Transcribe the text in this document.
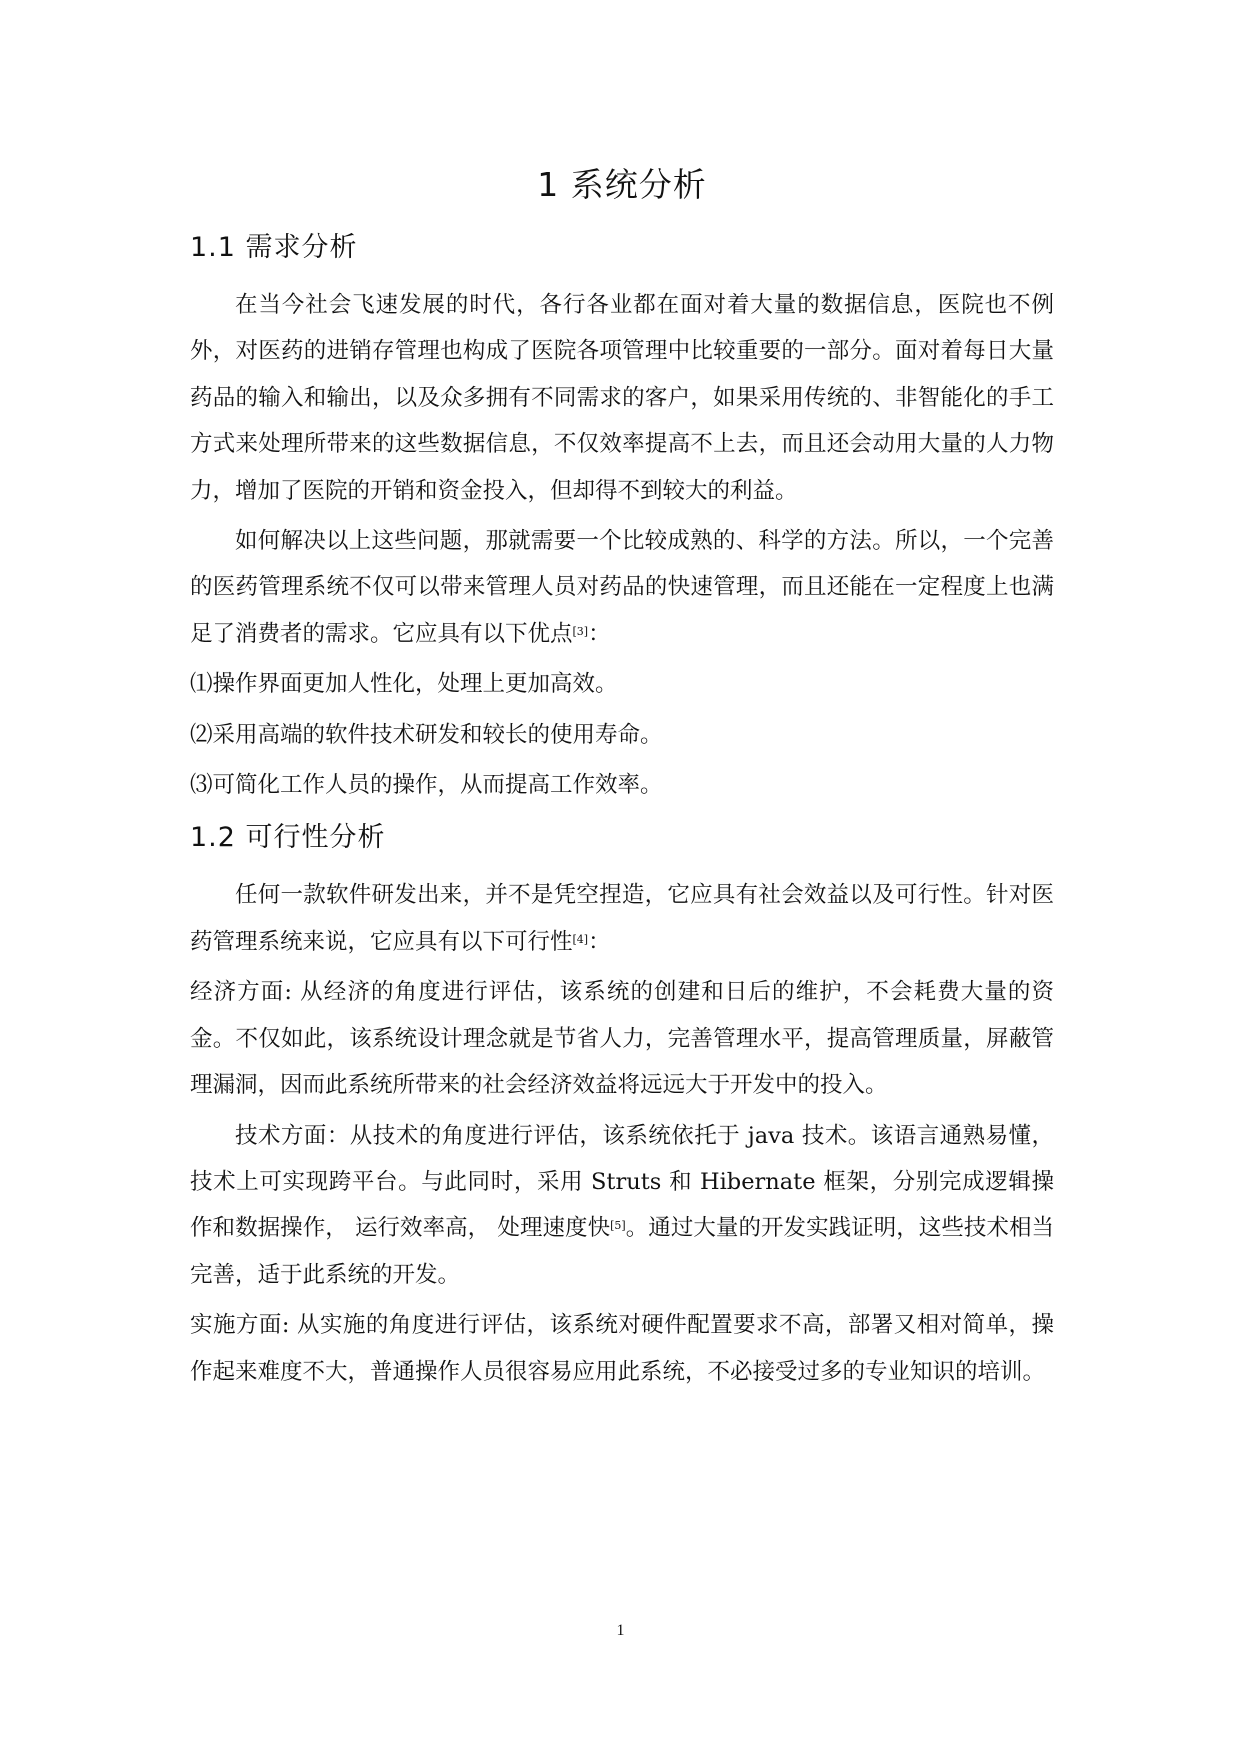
1 系统分析
1.1 需求分析

在当今社会飞速发展的时代，各行各业都在面对着大量的数据信息，医院也不例外，对医药的进销存管理也构成了医院各项管理中比较重要的一部分。面对着每日大量药品的输入和输出，以及众多拥有不同需求的客户，如果采用传统的、非智能化的手工方式来处理所带来的这些数据信息，不仅效率提高不上去，而且还会动用大量的人力物力，增加了医院的开销和资金投入，但却得不到较大的利益。

如何解决以上这些问题，那就需要一个比较成熟的、科学的方法。所以，一个完善的医药管理系统不仅可以带来管理人员对药品的快速管理，而且还能在一定程度上也满足了消费者的需求。它应具有以下优点[3]：

⑴操作界面更加人性化，处理上更加高效。

⑵采用高端的软件技术研发和较长的使用寿命。

⑶可简化工作人员的操作，从而提高工作效率。

1.2 可行性分析

任何一款软件研发出来，并不是凭空捏造，它应具有社会效益以及可行性。针对医药管理系统来说，它应具有以下可行性[4]：

经济方面: 从经济的角度进行评估，该系统的创建和日后的维护，不会耗费大量的资金。不仅如此，该系统设计理念就是节省人力，完善管理水平，提高管理质量，屏蔽管理漏洞，因而此系统所带来的社会经济效益将远远大于开发中的投入。

技术方面：从技术的角度进行评估，该系统依托于 java 技术。该语言通熟易懂，技术上可实现跨平台。与此同时，采用 Struts 和 Hibernate 框架，分别完成逻辑操作和数据操作， 运行效率高， 处理速度快[5]。通过大量的开发实践证明，这些技术相当完善，适于此系统的开发。

实施方面: 从实施的角度进行评估，该系统对硬件配置要求不高，部署又相对简单，操作起来难度不大，普通操作人员很容易应用此系统，不必接受过多的专业知识的培训。

1
